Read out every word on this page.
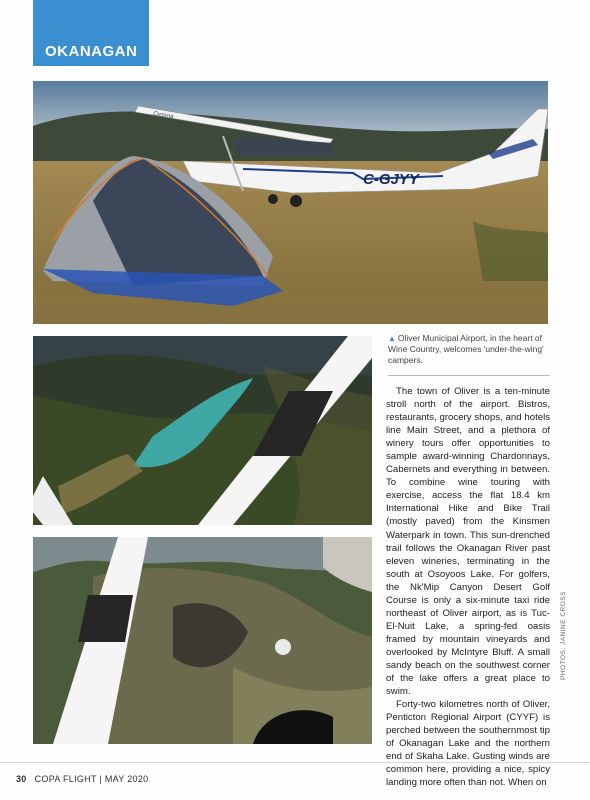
OKANAGAN
C-GJYY
Cessna
▲ Oliver Municipal Airport, in the heart of Wine Country, welcomes 'under-the-wing' campers.

The town of Oliver is a ten-minute stroll north of the airport. Bistros, restaurants, grocery shops, and hotels line Main Street, and a plethora of winery tours offer opportunities to sample award-winning Chardonnays, Cabernets and everything in between. To combine wine touring with exercise, access the flat 18.4 km International Hike and Bike Trail (mostly paved) from the Kinsmen Waterpark in town. This sun-drenched trail follows the Okanagan River past eleven wineries, terminating in the south at Osoyoos Lake. For golfers, the Nk'Mip Canyon Desert Golf Course is only a six-minute taxi ride northeast of Oliver airport, as is Tuc-El-Nuit Lake, a spring-fed oasis framed by mountain vineyards and overlooked by McIntyre Bluff. A small sandy beach on the southwest corner of the lake offers a great place to swim.

Forty-two kilometres north of Oliver, Penticton Regional Airport (CYYF) is perched between the southernmost tip of Okanagan Lake and the northern end of Skaha Lake. Gusting winds are common here, providing a nice, spicy landing more often than not. When on

PHOTOS: JANINE CROSS
30 COPA FLIGHT | MAY 2020
